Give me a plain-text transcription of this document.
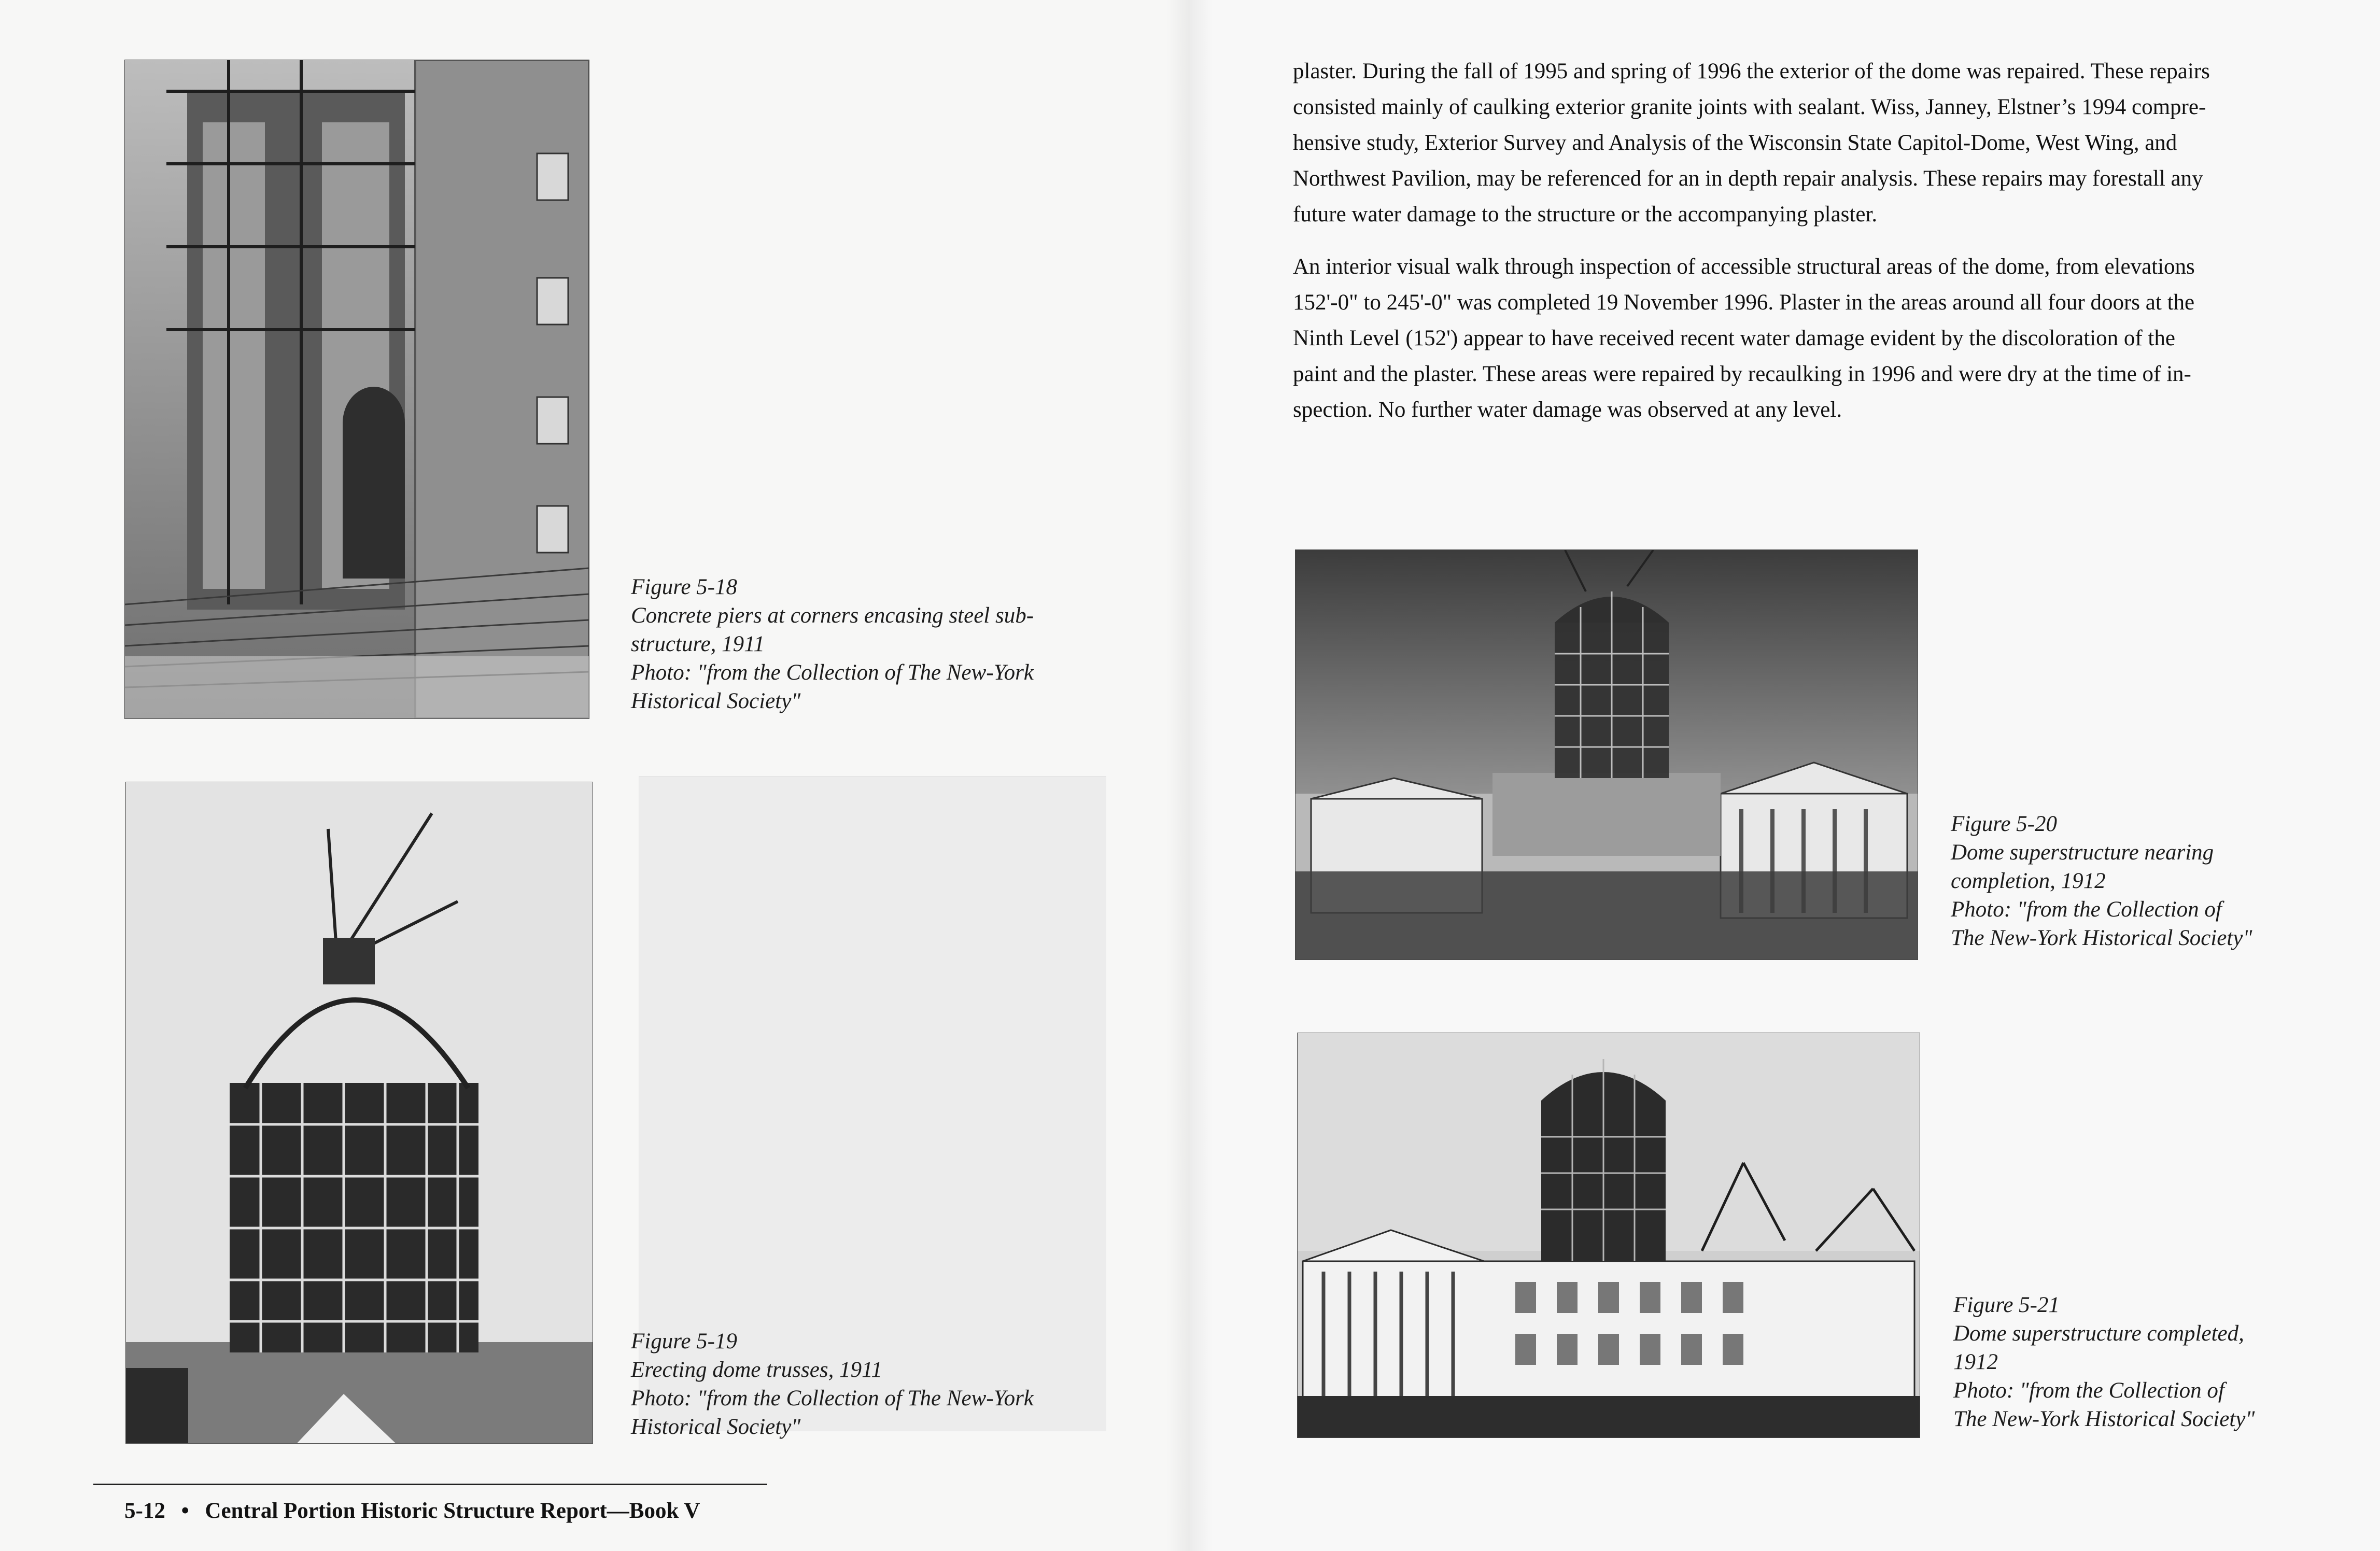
Figure 5-18
Concrete piers at corners encasing steel sub-
structure, 1911
Photo: "from the Collection of The New-York
Historical Society"
Figure 5-19
Erecting dome trusses, 1911
Photo: "from the Collection of The New-York
Historical Society"
Figure 5-20
Dome superstructure nearing
completion, 1912
Photo: "from the Collection of
The New-York Historical Society"
Figure 5-21
Dome superstructure completed,
1912
Photo: "from the Collection of
The New-York Historical Society"
plaster. During the fall of 1995 and spring of 1996 the exterior of the dome was repaired. These repairs
consisted mainly of caulking exterior granite joints with sealant. Wiss, Janney, Elstner’s 1994 compre-
hensive study, Exterior Survey and Analysis of the Wisconsin State Capitol-Dome, West Wing, and
Northwest Pavilion, may be referenced for an in depth repair analysis. These repairs may forestall any
future water damage to the structure or the accompanying plaster.
An interior visual walk through inspection of accessible structural areas of the dome, from elevations
152'-0" to 245'-0" was completed 19 November 1996. Plaster in the areas around all four doors at the
Ninth Level (152') appear to have received recent water damage evident by the discoloration of the
paint and the plaster. These areas were repaired by recaulking in 1996 and were dry at the time of in-
spection. No further water damage was observed at any level.
5-12 • Central Portion Historic Structure Report—Book V
